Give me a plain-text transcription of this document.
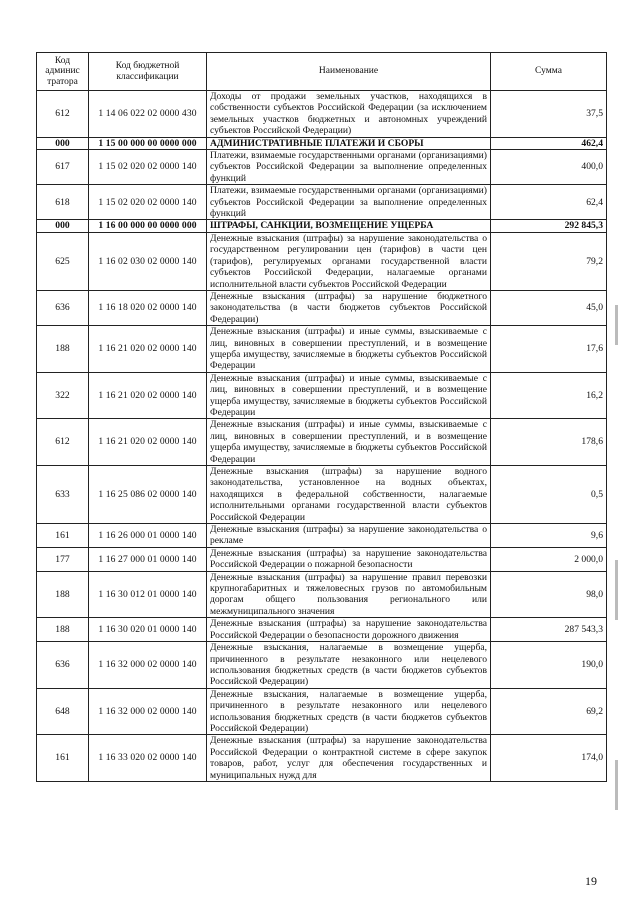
Код админис тратора	Код бюджетной классификации	Наименование	Сумма
612	1 14 06 022 02 0000 430	Доходы от продажи земельных участков, находящихся в собственности субъектов Российской Федерации (за исключением земельных участков бюджетных и автономных учреждений субъектов Российской Федерации)	37,5
000	1 15 00 000 00 0000 000	АДМИНИСТРАТИВНЫЕ ПЛАТЕЖИ И СБОРЫ	462,4
617	1 15 02 020 02 0000 140	Платежи, взимаемые государственными органами (организациями) субъектов Российской Федерации за выполнение определенных функций	400,0
618	1 15 02 020 02 0000 140	Платежи, взимаемые государственными органами (организациями) субъектов Российской Федерации за выполнение определенных функций	62,4
000	1 16 00 000 00 0000 000	ШТРАФЫ, САНКЦИИ, ВОЗМЕЩЕНИЕ УЩЕРБА	292 845,3
625	1 16 02 030 02 0000 140	Денежные взыскания (штрафы) за нарушение законодательства о государственном регулировании цен (тарифов) в части цен (тарифов), регулируемых органами государственной власти субъектов Российской Федерации, налагаемые органами исполнительной власти субъектов Российской Федерации	79,2
636	1 16 18 020 02 0000 140	Денежные взыскания (штрафы) за нарушение бюджетного законодательства (в части бюджетов субъектов Российской Федерации)	45,0
188	1 16 21 020 02 0000 140	Денежные взыскания (штрафы) и иные суммы, взыскиваемые с лиц, виновных в совершении преступлений, и в возмещение ущерба имуществу, зачисляемые в бюджеты субъектов Российской Федерации	17,6
322	1 16 21 020 02 0000 140	Денежные взыскания (штрафы) и иные суммы, взыскиваемые с лиц, виновных в совершении преступлений, и в возмещение ущерба имуществу, зачисляемые в бюджеты субъектов Российской Федерации	16,2
612	1 16 21 020 02 0000 140	Денежные взыскания (штрафы) и иные суммы, взыскиваемые с лиц, виновных в совершении преступлений, и в возмещение ущерба имуществу, зачисляемые в бюджеты субъектов Российской Федерации	178,6
633	1 16 25 086 02 0000 140	Денежные взыскания (штрафы) за нарушение водного законодательства, установленное на водных объектах, находящихся в федеральной собственности, налагаемые исполнительными органами государственной власти субъектов Российской Федерации	0,5
161	1 16 26 000 01 0000 140	Денежные взыскания (штрафы) за нарушение законодательства о рекламе	9,6
177	1 16 27 000 01 0000 140	Денежные взыскания (штрафы) за нарушение законодательства Российской Федерации о пожарной безопасности	2 000,0
188	1 16 30 012 01 0000 140	Денежные взыскания (штрафы) за нарушение правил перевозки крупногабаритных и тяжеловесных грузов по автомобильным дорогам общего пользования регионального или межмуниципального значения	98,0
188	1 16 30 020 01 0000 140	Денежные взыскания (штрафы) за нарушение законодательства Российской Федерации о безопасности дорожного движения	287 543,3
636	1 16 32 000 02 0000 140	Денежные взыскания, налагаемые в возмещение ущерба, причиненного в результате незаконного или нецелевого использования бюджетных средств (в части бюджетов субъектов Российской Федерации)	190,0
648	1 16 32 000 02 0000 140	Денежные взыскания, налагаемые в возмещение ущерба, причиненного в результате незаконного или нецелевого использования бюджетных средств (в части бюджетов субъектов Российской Федерации)	69,2
161	1 16 33 020 02 0000 140	Денежные взыскания (штрафы) за нарушение законодательства Российской Федерации о контрактной системе в сфере закупок товаров, работ, услуг для обеспечения государственных и муниципальных нужд для	174,0
19
